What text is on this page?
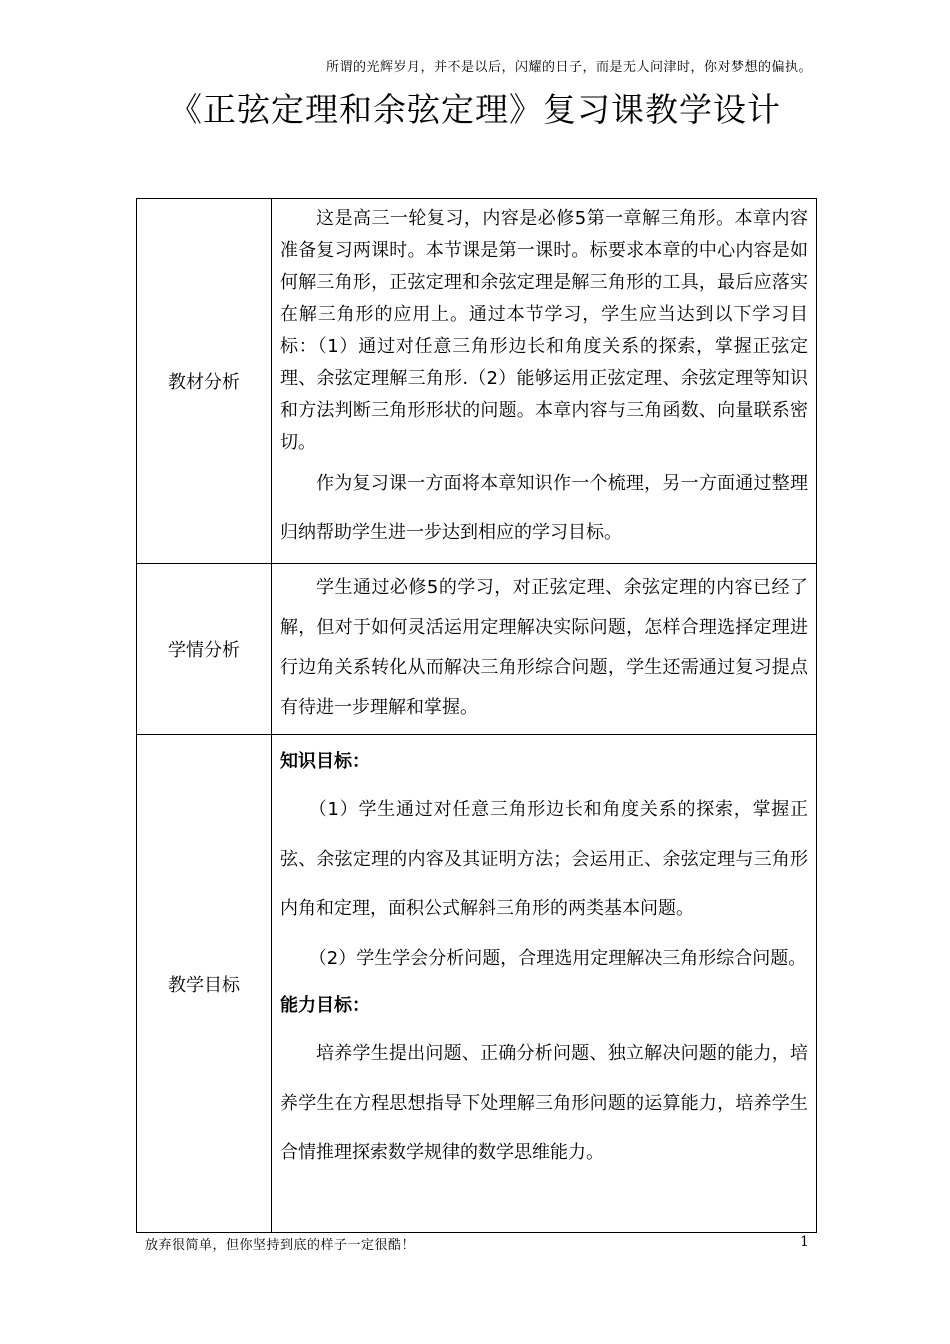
所谓的光辉岁月，并不是以后，闪耀的日子，而是无人问津时，你对梦想的偏执。
《正弦定理和余弦定理》复习课教学设计
教材分析	这是高三一轮复习，内容是必修5第一章解三角形。本章内容准备复习两课时。本节课是第一课时。标要求本章的中心内容是如何解三角形，正弦定理和余弦定理是解三角形的工具，最后应落实在解三角形的应用上。通过本节学习，学生应当达到以下学习目标：（1）通过对任意三角形边长和角度关系的探索，掌握正弦定理、余弦定理解三角形.（2）能够运用正弦定理、余弦定理等知识和方法判断三角形形状的问题。本章内容与三角函数、向量联系密切。

作为复习课一方面将本章知识作一个梳理，另一方面通过整理归纳帮助学生进一步达到相应的学习目标。

学情分析	学生通过必修5的学习，对正弦定理、余弦定理的内容已经了解，但对于如何灵活运用定理解决实际问题，怎样合理选择定理进行边角关系转化从而解决三角形综合问题，学生还需通过复习提点有待进一步理解和掌握。

教学目标	知识目标：

（1）学生通过对任意三角形边长和角度关系的探索，掌握正弦、余弦定理的内容及其证明方法；会运用正、余弦定理与三角形内角和定理，面积公式解斜三角形的两类基本问题。

（2）学生学会分析问题，合理选用定理解决三角形综合问题。

能力目标：

培养学生提出问题、正确分析问题、独立解决问题的能力，培养学生在方程思想指导下处理解三角形问题的运算能力，培养学生合情推理探索数学规律的数学思维能力。

放弃很简单，但你坚持到底的样子一定很酷！	1
